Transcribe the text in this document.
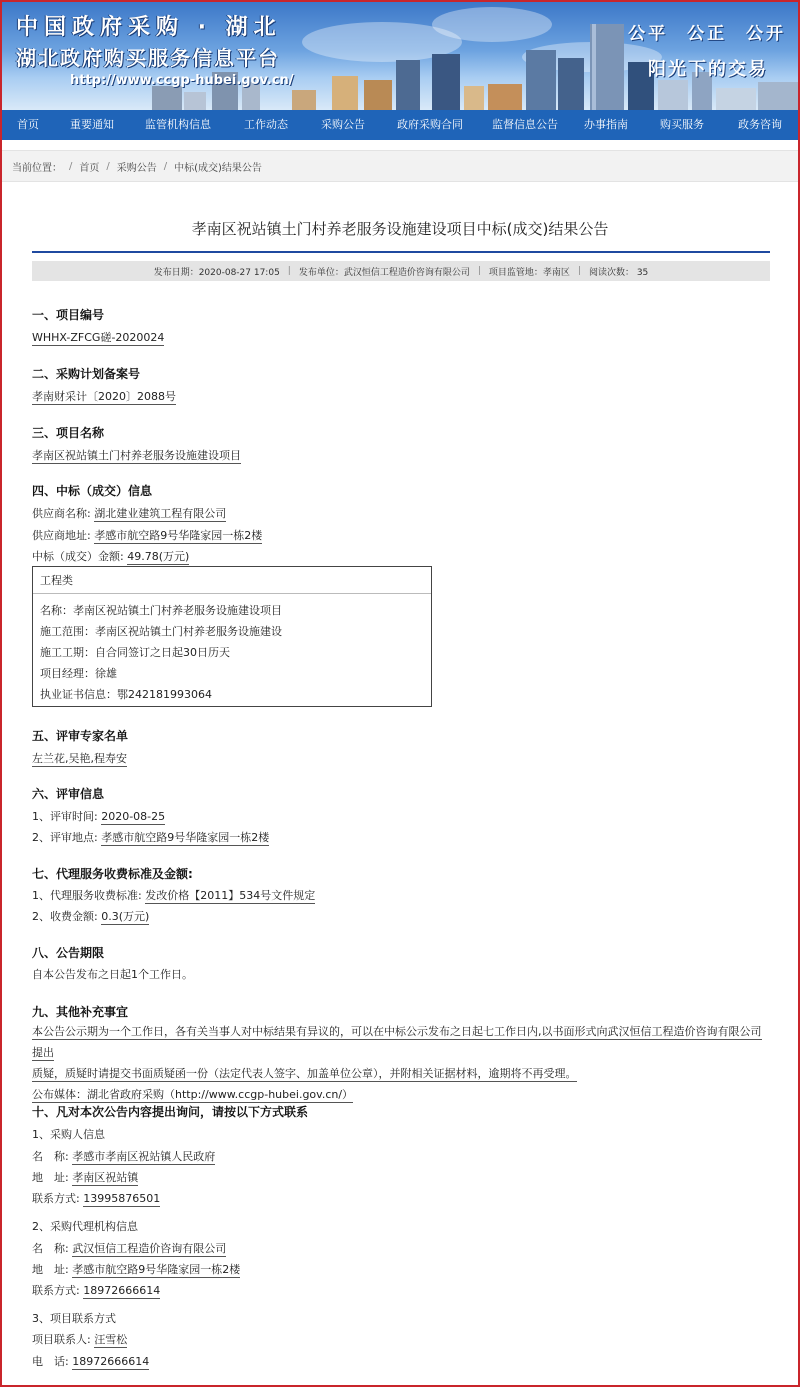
中国政府采购 · 湖北
湖北政府购买服务信息平台
http://www.ccgp-hubei.gov.cn/
公平 公正 公开
阳光下的交易
首页	重要通知	监管机构信息	工作动态	采购公告	政府采购合同	监督信息公告	办事指南	购买服务	政务咨询
当前位置： / 首页 / 采购公告 / 中标(成交)结果公告
孝南区祝站镇土门村养老服务设施建设项目中标(成交)结果公告
发布日期：2020-08-27 17:05 | 发布单位：武汉恒信工程造价咨询有限公司 | 项目监管地：孝南区 | 阅读次数： 35
一、项目编号
WHHX-ZFCG磋-2020024
二、采购计划备案号
孝南财采计〔2020〕2088号
三、项目名称
孝南区祝站镇土门村养老服务设施建设项目
四、中标（成交）信息
供应商名称: 湖北建业建筑工程有限公司
供应商地址: 孝感市航空路9号华隆家园一栋2楼
中标（成交）金额: 49.78(万元)
工程类
名称：孝南区祝站镇土门村养老服务设施建设项目
施工范围：孝南区祝站镇土门村养老服务设施建设
施工工期：自合同签订之日起30日历天
项目经理：徐雄
执业证书信息：鄂242181993064
五、评审专家名单
左兰花,吴艳,程寿安
六、评审信息
1、评审时间: 2020-08-25
2、评审地点: 孝感市航空路9号华隆家园一栋2楼
七、代理服务收费标准及金额:
1、代理服务收费标准: 发改价格【2011】534号文件规定
2、收费金额: 0.3(万元)
八、公告期限
自本公告发布之日起1个工作日。
九、其他补充事宜
本公告公示期为一个工作日，各有关当事人对中标结果有异议的，可以在中标公示发布之日起七工作日内,以书面形式向武汉恒信工程造价咨询有限公司提出
质疑，质疑时请提交书面质疑函一份（法定代表人签字、加盖单位公章），并附相关证据材料，逾期将不再受理。
公布媒体：湖北省政府采购（http://www.ccgp-hubei.gov.cn/）
十、凡对本次公告内容提出询问，请按以下方式联系
1、采购人信息
名　称: 孝感市孝南区祝站镇人民政府
地　址: 孝南区祝站镇
联系方式: 13995876501
2、采购代理机构信息
名　称: 武汉恒信工程造价咨询有限公司
地　址: 孝感市航空路9号华隆家园一栋2楼
联系方式: 18972666614
3、项目联系方式
项目联系人: 汪雪松
电　话: 18972666614
